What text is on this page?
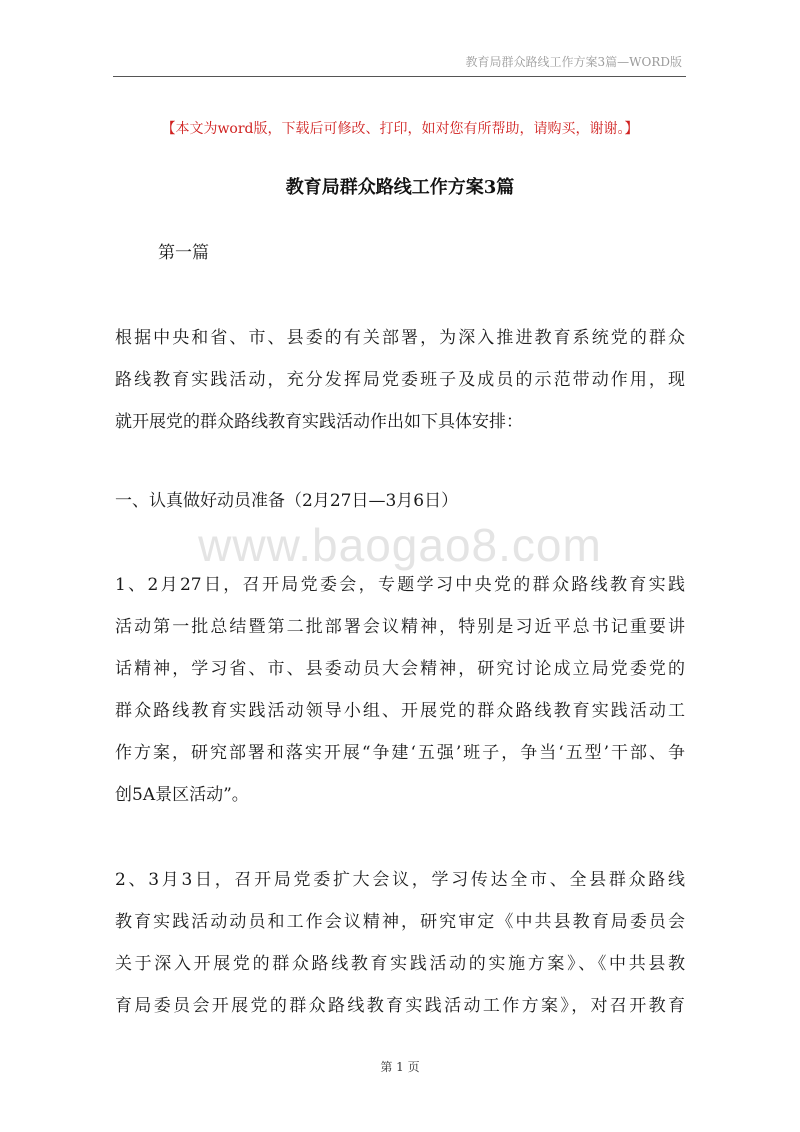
教育局群众路线工作方案3篇—WORD版
【本文为word版，下载后可修改、打印，如对您有所帮助，请购买，谢谢。】
教育局群众路线工作方案3篇
第一篇
根据中央和省、市、县委的有关部署，为深入推进教育系统党的群众
路线教育实践活动，充分发挥局党委班子及成员的示范带动作用，现
就开展党的群众路线教育实践活动作出如下具体安排：
一、认真做好动员准备（2月27日—3月6日）
www.baogao8.com
1、2月27日，召开局党委会，专题学习中央党的群众路线教育实践
活动第一批总结暨第二批部署会议精神，特别是习近平总书记重要讲
话精神，学习省、市、县委动员大会精神，研究讨论成立局党委党的
群众路线教育实践活动领导小组、开展党的群众路线教育实践活动工
作方案，研究部署和落实开展“争建‘五强’班子，争当‘五型’干部、争
创5A景区活动”。
2、3月3日，召开局党委扩大会议，学习传达全市、全县群众路线
教育实践活动动员和工作会议精神，研究审定《中共县教育局委员会
关于深入开展党的群众路线教育实践活动的实施方案》、《中共县教
育局委员会开展党的群众路线教育实践活动工作方案》，对召开教育
第 1 页
